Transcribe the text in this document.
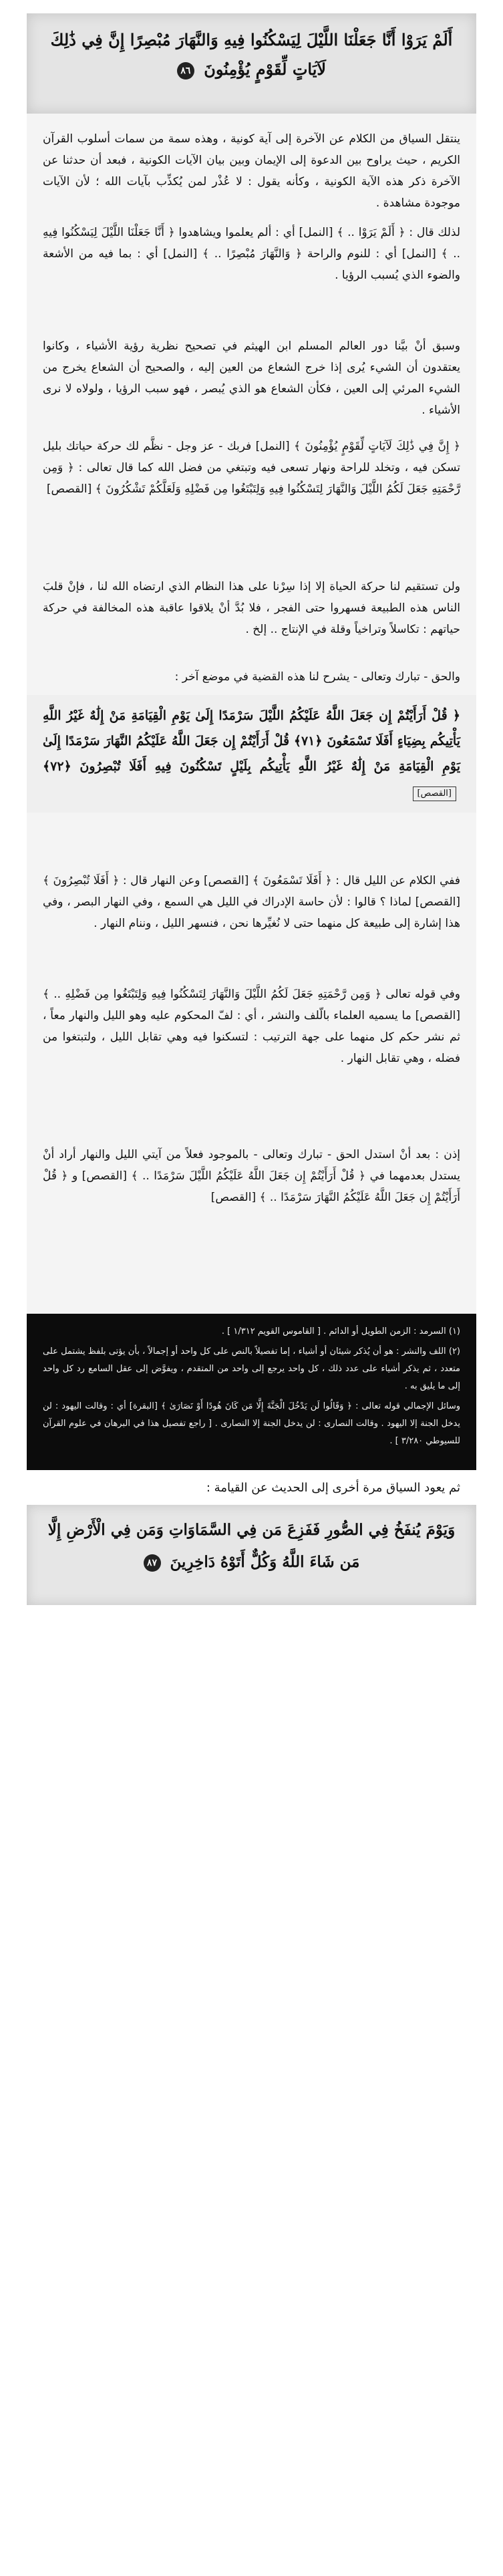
أَلَمْ يَرَوْا أَنَّا جَعَلْنَا اللَّيْلَ لِيَسْكُنُوا فِيهِ وَالنَّهَارَ مُبْصِرًا إِنَّ فِي ذَٰلِكَ لَآيَاتٍ لِّقَوْمٍ يُؤْمِنُونَ ٨٦
ينتقل السياق من الكلام عن الآخرة إلى آية كونية ، وهذه سمة من سمات أسلوب القرآن الكريم ، حيث يراوح بين الدعوة إلى الإيمان وبين بيان الآيات الكونية ، فبعد أن حدثنا عن الآخرة ذكر هذه الآية الكونية ، وكأنه يقول : لا عُذْر لمن يُكذِّب بآيات الله ؛ لأن الآيات موجودة مشاهدة .
لذلك قال : ﴿ أَلَمْ يَرَوْا .. ﴾ [النمل] أي : ألم يعلموا ويشاهدوا ﴿ أَنَّا جَعَلْنَا اللَّيْلَ لِيَسْكُنُوا فِيهِ .. ﴾ [النمل] أي : للنوم والراحة ﴿ وَالنَّهَارَ مُبْصِرًا .. ﴾ [النمل] أي : بما فيه من الأشعة والضوء الذي يُسبب الرؤيا .
وسبق أنْ بيَّنا دور العالم المسلم ابن الهيثم في تصحيح نظرية رؤية الأشياء ، وكانوا يعتقدون أن الشيء يُرى إذا خرج الشعاع من العين إليه ، والصحيح أن الشعاع يخرج من الشيء المرئي إلى العين ، فكأن الشعاع هو الذي يُبصر ، فهو سبب الرؤيا ، ولولاه لا نرى الأشياء .
﴿ إِنَّ فِي ذَٰلِكَ لَآيَاتٍ لِّقَوْمٍ يُؤْمِنُونَ ﴾ [النمل] فربك - عز وجل - نظَّم لك حركة حياتك بليل تسكن فيه ، وتخلد للراحة ونهار تسعى فيه وتبتغي من فضل الله كما قال تعالى : ﴿ وَمِن رَّحْمَتِهِ جَعَلَ لَكُمُ اللَّيْلَ وَالنَّهَارَ لِتَسْكُنُوا فِيهِ وَلِتَبْتَغُوا مِن فَضْلِهِ وَلَعَلَّكُمْ تَشْكُرُونَ ﴾ [القصص]
ولن تستقيم لنا حركة الحياة إلا إذا سِرْنا على هذا النظام الذي ارتضاه الله لنا ، فإنْ قلبَ الناس هذه الطبيعة فسهروا حتى الفجر ، فلا بُدَّ أنْ يلاقوا عاقبة هذه المخالفة في حركة حياتهم : تكاسلاً وتراخياً وقلة في الإنتاج .. إلخ .
والحق - تبارك وتعالى - يشرح لنا هذه القضية في موضع آخر :
﴿ قُلْ أَرَأَيْتُمْ إِن جَعَلَ اللَّهُ عَلَيْكُمُ اللَّيْلَ سَرْمَدًا إِلَىٰ يَوْمِ الْقِيَامَةِ مَنْ إِلَٰهٌ غَيْرُ اللَّهِ يَأْتِيكُم بِضِيَاءٍ أَفَلَا تَسْمَعُونَ ﴿٧١﴾ قُلْ أَرَأَيْتُمْ إِن جَعَلَ اللَّهُ عَلَيْكُمُ النَّهَارَ سَرْمَدًا إِلَىٰ يَوْمِ الْقِيَامَةِ مَنْ إِلَٰهٌ غَيْرُ اللَّهِ يَأْتِيكُم بِلَيْلٍ تَسْكُنُونَ فِيهِ أَفَلَا تُبْصِرُونَ ﴿٧٢﴾ [القصص]
ففي الكلام عن الليل قال : ﴿ أَفَلَا تَسْمَعُونَ ﴾ [القصص] وعن النهار قال : ﴿ أَفَلَا تُبْصِرُونَ ﴾ [القصص] لماذا ؟ قالوا : لأن حاسة الإدراك في الليل هي السمع ، وفي النهار البصر ، وفي هذا إشارة إلى طبيعة كل منهما حتى لا نُغيِّرها نحن ، فنسهر الليل ، وننام النهار .
وفي قوله تعالى ﴿ وَمِن رَّحْمَتِهِ جَعَلَ لَكُمُ اللَّيْلَ وَالنَّهَارَ لِتَسْكُنُوا فِيهِ وَلِتَبْتَغُوا مِن فَضْلِهِ .. ﴾ [القصص] ما يسميه العلماء بالّلف والنشر ، أي : لفّ المحكوم عليه وهو الليل والنهار معاً ، ثم نشر حكم كل منهما على جهة الترتيب : لتسكنوا فيه وهي تقابل الليل ، ولتبتغوا من فضله ، وهي تقابل النهار .
إذن : بعد أنْ استدل الحق - تبارك وتعالى - بالموجود فعلاً من آيتي الليل والنهار أراد أنْ يستدل بعدمهما في ﴿ قُلْ أَرَأَيْتُمْ إِن جَعَلَ اللَّهُ عَلَيْكُمُ اللَّيْلَ سَرْمَدًا .. ﴾ [القصص] و ﴿ قُلْ أَرَأَيْتُمْ إِن جَعَلَ اللَّهُ عَلَيْكُمُ النَّهَارَ سَرْمَدًا .. ﴾ [القصص]

(١) السرمد : الزمن الطويل أو الدائم . [ القاموس القويم ١/٣١٢ ] .

(٢) اللف والنشر : هو أن يُذكر شيئان أو أشياء ، إما تفصيلاً بالنص على كل واحد أو إجمالاً ، بأن يؤتى بلفظ يشتمل على متعدد ، ثم يذكر أشياء على عدد ذلك ، كل واحد يرجع إلى واحد من المتقدم ، ويفوَّض إلى عقل السامع رد كل واحد إلى ما يليق به .

وسائل الإجمالي قوله تعالى : ﴿ وَقَالُوا لَن يَدْخُلَ الْجَنَّةَ إِلَّا مَن كَانَ هُودًا أَوْ نَصَارَىٰ ﴾ [البقرة] أي : وقالت اليهود : لن يدخل الجنة إلا اليهود . وقالت النصارى : لن يدخل الجنة إلا النصارى . [ راجع تفصيل هذا في البرهان في علوم القرآن للسيوطي ٣/٢٨٠ ] .

ثم يعود السياق مرة أخرى إلى الحديث عن القيامة :
وَيَوْمَ يُنفَخُ فِي الصُّورِ فَفَزِعَ مَن فِي السَّمَاوَاتِ وَمَن فِي الْأَرْضِ إِلَّا مَن شَاءَ اللَّهُ وَكُلٌّ أَتَوْهُ دَاخِرِينَ ٨٧
